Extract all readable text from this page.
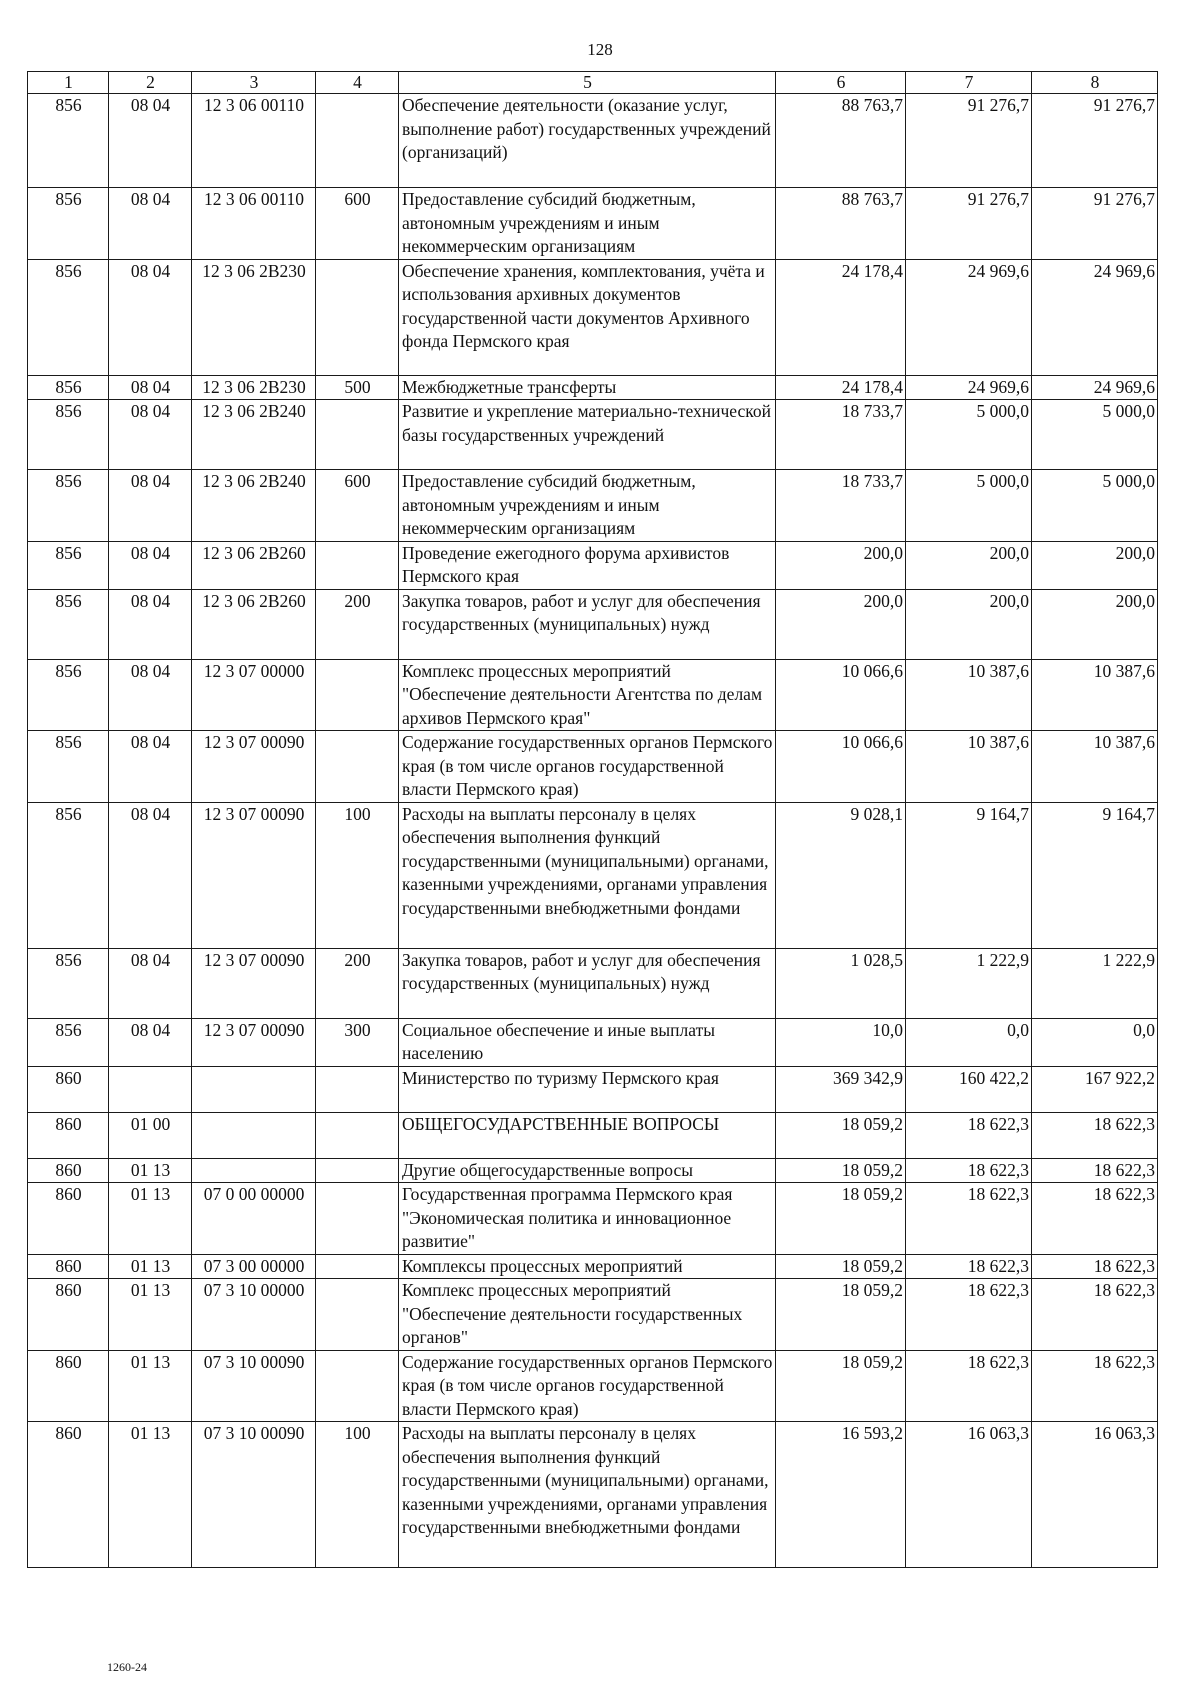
128
1	2	3	4	5	6	7	8
856	08 04	12 3 06 00110		Обеспечение деятельности (оказание услуг, выполнение работ) государственных учреждений (организаций)	88 763,7	91 276,7	91 276,7
856	08 04	12 3 06 00110	600	Предоставление субсидий бюджетным, автономным учреждениям и иным некоммерческим организациям	88 763,7	91 276,7	91 276,7
856	08 04	12 3 06 2В230		Обеспечение хранения, комплектования, учёта и использования архивных документов государственной части документов Архивного фонда Пермского края	24 178,4	24 969,6	24 969,6
856	08 04	12 3 06 2В230	500	Межбюджетные трансферты	24 178,4	24 969,6	24 969,6
856	08 04	12 3 06 2В240		Развитие и укрепление материально-технической базы государственных учреждений	18 733,7	5 000,0	5 000,0
856	08 04	12 3 06 2В240	600	Предоставление субсидий бюджетным, автономным учреждениям и иным некоммерческим организациям	18 733,7	5 000,0	5 000,0
856	08 04	12 3 06 2В260		Проведение ежегодного форума архивистов Пермского края	200,0	200,0	200,0
856	08 04	12 3 06 2В260	200	Закупка товаров, работ и услуг для обеспечения государственных (муниципальных) нужд	200,0	200,0	200,0
856	08 04	12 3 07 00000		Комплекс процессных мероприятий "Обеспечение деятельности Агентства по делам архивов Пермского края"	10 066,6	10 387,6	10 387,6
856	08 04	12 3 07 00090		Содержание государственных органов Пермского края (в том числе органов государственной власти Пермского края)	10 066,6	10 387,6	10 387,6
856	08 04	12 3 07 00090	100	Расходы на выплаты персоналу в целях обеспечения выполнения функций государственными (муниципальными) органами, казенными учреждениями, органами управления государственными внебюджетными фондами	9 028,1	9 164,7	9 164,7
856	08 04	12 3 07 00090	200	Закупка товаров, работ и услуг для обеспечения государственных (муниципальных) нужд	1 028,5	1 222,9	1 222,9
856	08 04	12 3 07 00090	300	Социальное обеспечение и иные выплаты населению	10,0	0,0	0,0
860				Министерство по туризму Пермского края	369 342,9	160 422,2	167 922,2
860	01 00			ОБЩЕГОСУДАРСТВЕННЫЕ ВОПРОСЫ	18 059,2	18 622,3	18 622,3
860	01 13			Другие общегосударственные вопросы	18 059,2	18 622,3	18 622,3
860	01 13	07 0 00 00000		Государственная программа Пермского края "Экономическая политика и инновационное развитие"	18 059,2	18 622,3	18 622,3
860	01 13	07 3 00 00000		Комплексы процессных мероприятий	18 059,2	18 622,3	18 622,3
860	01 13	07 3 10 00000		Комплекс процессных мероприятий "Обеспечение деятельности государственных органов"	18 059,2	18 622,3	18 622,3
860	01 13	07 3 10 00090		Содержание государственных органов Пермского края (в том числе органов государственной власти Пермского края)	18 059,2	18 622,3	18 622,3
860	01 13	07 3 10 00090	100	Расходы на выплаты персоналу в целях обеспечения выполнения функций государственными (муниципальными) органами, казенными учреждениями, органами управления государственными внебюджетными фондами	16 593,2	16 063,3	16 063,3
1260-24
